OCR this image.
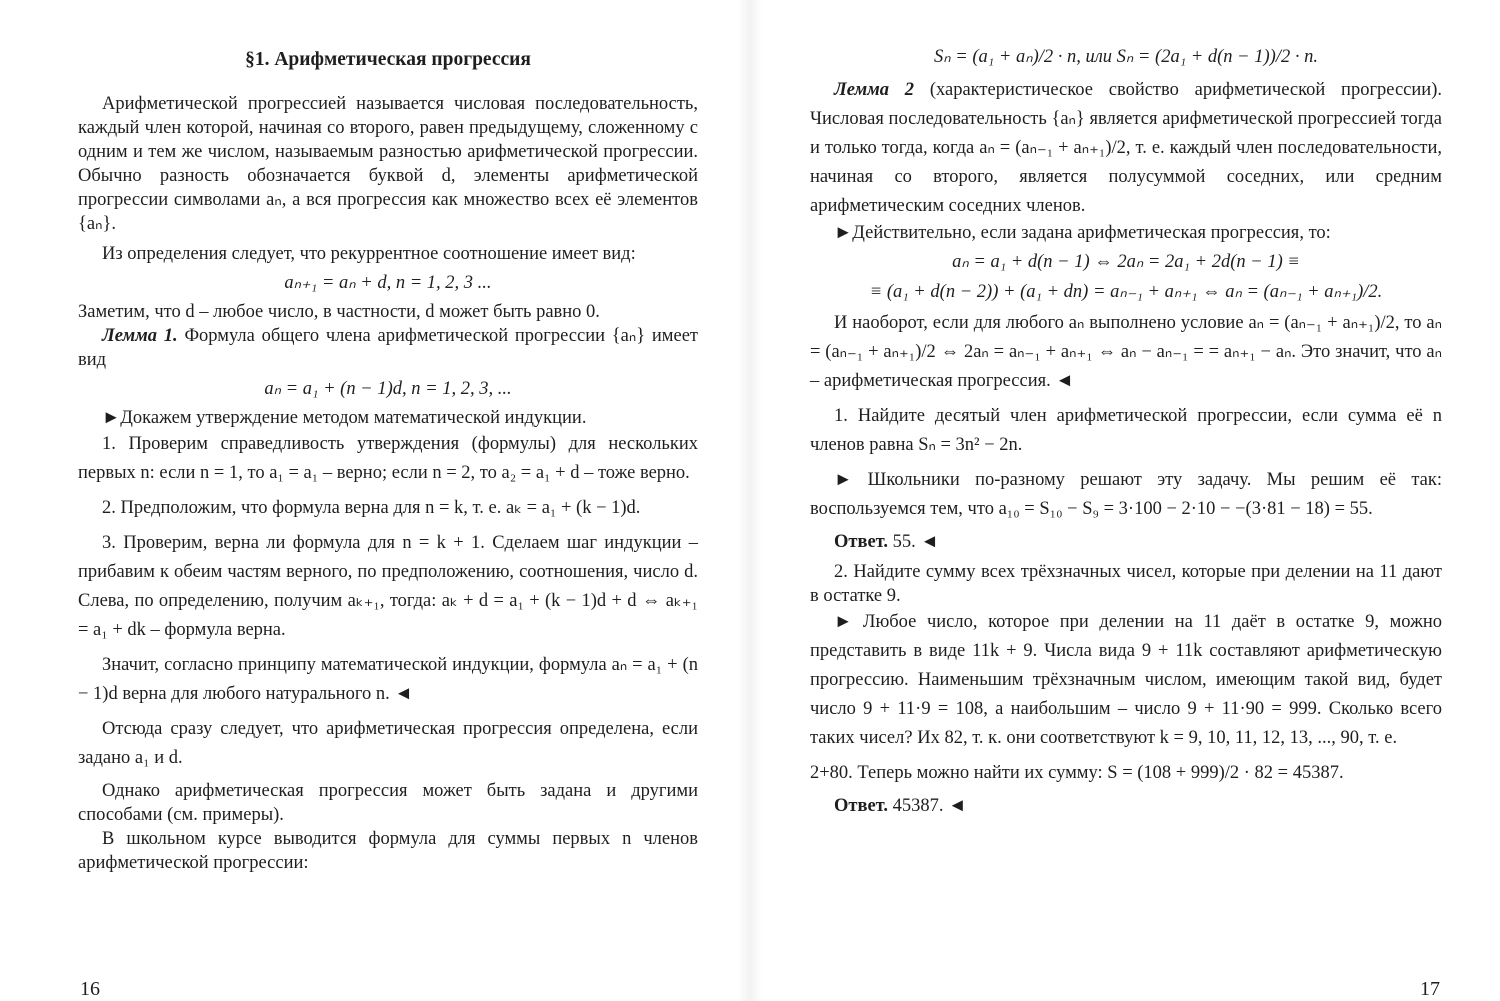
§1. Арифметическая прогрессия

Арифметической прогрессией называется числовая последовательность, каждый член которой, начиная со второго, равен предыдущему, сложенному с одним и тем же числом, называемым разностью арифметической прогрессии. Обычно разность обозначается буквой d, элементы арифметической прогрессии символами aₙ, а вся прогрессия как множество всех её элементов {aₙ}.

Из определения следует, что рекуррентное соотношение имеет вид:

aₙ₊₁ = aₙ + d, n = 1, 2, 3 ...

Заметим, что d – любое число, в частности, d может быть равно 0.

Лемма 1. Формула общего члена арифметической прогрессии {aₙ} имеет вид

aₙ = a₁ + (n − 1)d, n = 1, 2, 3, ...

►Докажем утверждение методом математической индукции.

1. Проверим справедливость утверждения (формулы) для нескольких первых n: если n = 1, то a₁ = a₁ – верно; если n = 2, то a₂ = a₁ + d – тоже верно.

2. Предположим, что формула верна для n = k, т. е. aₖ = a₁ + (k − 1)d.

3. Проверим, верна ли формула для n = k + 1. Сделаем шаг индукции – прибавим к обеим частям верного, по предположению, соотношения, число d. Слева, по определению, получим aₖ₊₁, тогда: aₖ + d = a₁ + (k − 1)d + d ⇔ aₖ₊₁ = a₁ + dk – формула верна.

Значит, согласно принципу математической индукции, формула aₙ = a₁ + (n − 1)d верна для любого натурального n. ◄

Отсюда сразу следует, что арифметическая прогрессия определена, если задано a₁ и d.

Однако арифметическая прогрессия может быть задана и другими способами (см. примеры).

В школьном курсе выводится формула для суммы первых n членов арифметической прогрессии:

16
Sₙ = (a₁ + aₙ)/2 · n, или Sₙ = (2a₁ + d(n − 1))/2 · n.

Лемма 2 (характеристическое свойство арифметической прогрессии). Числовая последовательность {aₙ} является арифметической прогрессией тогда и только тогда, когда aₙ = (aₙ₋₁ + aₙ₊₁)/2, т. е. каждый член последовательности, начиная со второго, является полусуммой соседних, или средним арифметическим соседних членов.

►Действительно, если задана арифметическая прогрессия, то:

aₙ = a₁ + d(n − 1) ⇔ 2aₙ = 2a₁ + 2d(n − 1) ≡
≡ (a₁ + d(n − 2)) + (a₁ + dn) = aₙ₋₁ + aₙ₊₁ ⇔ aₙ = (aₙ₋₁ + aₙ₊₁)/2.

И наоборот, если для любого aₙ выполнено условие aₙ = (aₙ₋₁ + aₙ₊₁)/2, то aₙ = (aₙ₋₁ + aₙ₊₁)/2 ⇔ 2aₙ = aₙ₋₁ + aₙ₊₁ ⇔ aₙ − aₙ₋₁ = = aₙ₊₁ − aₙ. Это значит, что aₙ – арифметическая прогрессия. ◄

1. Найдите десятый член арифметической прогрессии, если сумма её n членов равна Sₙ = 3n² − 2n.

► Школьники по-разному решают эту задачу. Мы решим её так: воспользуемся тем, что a₁₀ = S₁₀ − S₉ = 3·100 − 2·10 − −(3·81 − 18) = 55.

Ответ. 55. ◄

2. Найдите сумму всех трёхзначных чисел, которые при делении на 11 дают в остатке 9.

► Любое число, которое при делении на 11 даёт в остатке 9, можно представить в виде 11k + 9. Числа вида 9 + 11k составляют арифметическую прогрессию. Наименьшим трёхзначным числом, имеющим такой вид, будет число 9 + 11·9 = 108, а наибольшим – число 9 + 11·90 = 999. Сколько всего таких чисел? Их 82, т. к. они соответствуют k = 9, 10, 11, 12, 13, ..., 90, т. е.

2+80. Теперь можно найти их сумму: S = (108 + 999)/2 · 82 = 45387.

Ответ. 45387. ◄

17
